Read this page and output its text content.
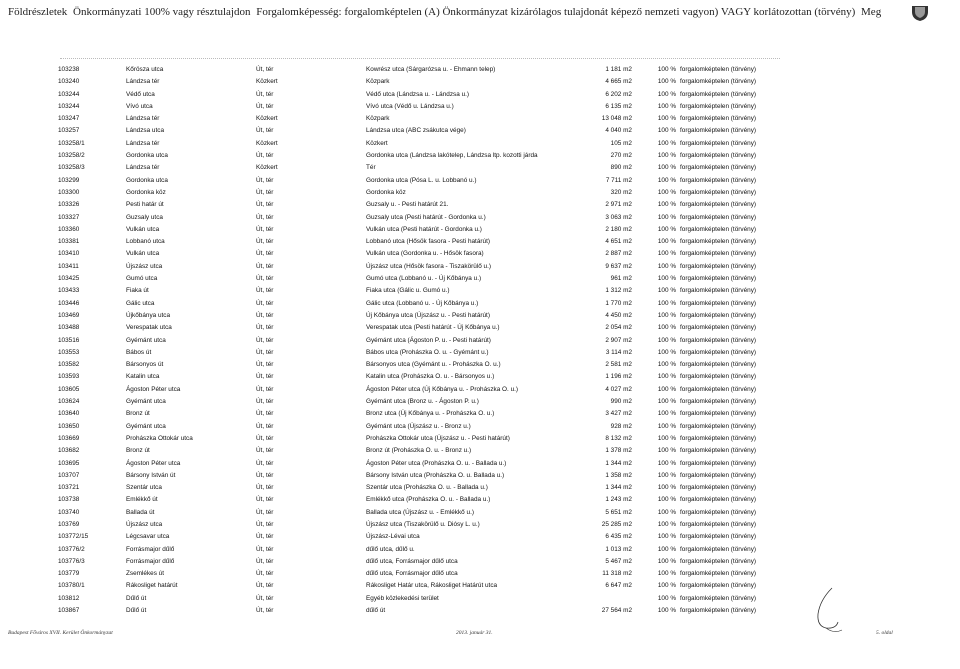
Földrészletek Önkormányzati 100% vagy résztulajdon Forgalomképesség: forgalomképtelen (A) Önkormányzat kizárólagos tulajdonát képező nemzeti vagyon) VAGY korlátozottan (törvény) Meg
103238	Kőrösza utca	Út, tér	Kowrész utca (Sárgarózsa u. - Ehmann telep)	1 181 m2	100 %	forgalomképtelen (törvény)
103240	Lándzsa tér	Közkert	Közpark	4 665 m2	100 %	forgalomképtelen (törvény)
103244	Védő utca	Út, tér	Védő utca (Lándzsa u. - Lándzsa u.)	6 202 m2	100 %	forgalomképtelen (törvény)
103244	Vívó utca	Út, tér	Vívó utca (Védő u. Lándzsa u.)	6 135 m2	100 %	forgalomképtelen (törvény)
103247	Lándzsa tér	Közkert	Közpark	13 048 m2	100 %	forgalomképtelen (törvény)
103257	Lándzsa utca	Út, tér	Lándzsa utca (ABC zsákutca vége)	4 040 m2	100 %	forgalomképtelen (törvény)
103258/1	Lándzsa tér	Közkert	Közkert	105 m2	100 %	forgalomképtelen (törvény)
103258/2	Gordonka utca	Út, tér	Gordonka utca (Lándzsa lakótelep, Lándzsa ltp. kozotti járda	270 m2	100 %	forgalomképtelen (törvény)
103258/3	Lándzsa tér	Közkert	Tér	890 m2	100 %	forgalomképtelen (törvény)
103299	Gordonka utca	Út, tér	Gordonka utca (Pósa L. u. Lobbanó u.)	7 711 m2	100 %	forgalomképtelen (törvény)
103300	Gordonka köz	Út, tér	Gordonka köz	320 m2	100 %	forgalomképtelen (törvény)
103326	Pesti határ út	Út, tér	Guzsaly u. - Pesti határút 21.	2 971 m2	100 %	forgalomképtelen (törvény)
103327	Guzsaly utca	Út, tér	Guzsaly utca (Pesti határút - Gordonka u.)	3 063 m2	100 %	forgalomképtelen (törvény)
103360	Vulkán utca	Út, tér	Vulkán utca (Pesti határút - Gordonka u.)	2 180 m2	100 %	forgalomképtelen (törvény)
103381	Lobbanó utca	Út, tér	Lobbanó utca (Hősök fasora - Pesti határút)	4 651 m2	100 %	forgalomképtelen (törvény)
103410	Vulkán utca	Út, tér	Vulkán utca (Gordonka u. - Hősök fasora)	2 887 m2	100 %	forgalomképtelen (törvény)
103411	Újszász utca	Út, tér	Újszász utca (Hősök fasora - Tiszakörülő u.)	9 637 m2	100 %	forgalomképtelen (törvény)
103425	Gumó utca	Út, tér	Gumó utca (Lobbanó u. - Új Kőbánya u.)	961 m2	100 %	forgalomképtelen (törvény)
103433	Fiaka út	Út, tér	Fiaka utca (Gálic u. Gumó u.)	1 312 m2	100 %	forgalomképtelen (törvény)
103446	Gálic utca	Út, tér	Gálic utca (Lobbanó u. - Új Kőbánya u.)	1 770 m2	100 %	forgalomképtelen (törvény)
103469	Újkőbánya utca	Út, tér	Új Kőbánya utca (Újszász u. - Pesti határút)	4 450 m2	100 %	forgalomképtelen (törvény)
103488	Verespatak utca	Út, tér	Verespatak utca (Pesti határút - Új Kőbánya u.)	2 054 m2	100 %	forgalomképtelen (törvény)
103516	Gyémánt utca	Út, tér	Gyémánt utca (Ágoston P. u. - Pesti határút)	2 907 m2	100 %	forgalomképtelen (törvény)
103553	Bábos út	Út, tér	Bábos utca (Prohászka O. u. - Gyémánt u.)	3 114 m2	100 %	forgalomképtelen (törvény)
103582	Bársonyos út	Út, tér	Bársonyos utca (Gyémánt u. - Prohászka O. u.)	2 581 m2	100 %	forgalomképtelen (törvény)
103593	Katalin utca	Út, tér	Katalin utca (Prohászka O. u. - Bársonyos u.)	1 196 m2	100 %	forgalomképtelen (törvény)
103605	Ágoston Péter utca	Út, tér	Ágoston Péter utca (Új Kőbánya u. - Prohászka O. u.)	4 027 m2	100 %	forgalomképtelen (törvény)
103624	Gyémánt utca	Út, tér	Gyémánt utca (Bronz u. - Ágoston P. u.)	990 m2	100 %	forgalomképtelen (törvény)
103640	Bronz út	Út, tér	Bronz utca (Új Kőbánya u. - Prohászka O. u.)	3 427 m2	100 %	forgalomképtelen (törvény)
103650	Gyémánt utca	Út, tér	Gyémánt utca (Újszász u. - Bronz u.)	928 m2	100 %	forgalomképtelen (törvény)
103669	Prohászka Ottokár utca	Út, tér	Prohászka Ottokár utca (Újszász u. - Pesti határút)	8 132 m2	100 %	forgalomképtelen (törvény)
103682	Bronz út	Út, tér	Bronz út (Prohászka O. u. - Bronz u.)	1 378 m2	100 %	forgalomképtelen (törvény)
103695	Ágoston Péter utca	Út, tér	Ágoston Péter utca (Prohászka O. u. - Ballada u.)	1 344 m2	100 %	forgalomképtelen (törvény)
103707	Bársony István út	Út, tér	Bársony István utca (Prohászka O. u. Ballada u.)	1 358 m2	100 %	forgalomképtelen (törvény)
103721	Szentár utca	Út, tér	Szentár utca (Prohászka O. u. - Ballada u.)	1 344 m2	100 %	forgalomképtelen (törvény)
103738	Emlékkő út	Út, tér	Emlékkő utca (Prohászka O. u. - Ballada u.)	1 243 m2	100 %	forgalomképtelen (törvény)
103740	Ballada út	Út, tér	Ballada utca (Újszász u. - Emlékkő u.)	5 651 m2	100 %	forgalomképtelen (törvény)
103769	Újszász utca	Út, tér	Újszász utca (Tiszakörülő u. Diósy L. u.)	25 285 m2	100 %	forgalomképtelen (törvény)
103772/15	Légcsavar utca	Út, tér	Újszász-Lévai utca	6 435 m2	100 %	forgalomképtelen (törvény)
103776/2	Forrásmajor dűlő	Út, tér	dűlő utca, dűlő u.	1 013 m2	100 %	forgalomképtelen (törvény)
103776/3	Forrásmajor dűlő	Út, tér	dűlő utca, Forrásmajor dűlő utca	5 467 m2	100 %	forgalomképtelen (törvény)
103779	Zsemlékes út	Út, tér	dűlő utca, Forrásmajor dűlő utca	11 318 m2	100 %	forgalomképtelen (törvény)
103780/1	Rákosliget határút	Út, tér	Rákosliget Határ utca, Rákosliget Határút utca	6 647 m2	100 %	forgalomképtelen (törvény)
103812	Dűlő út	Út, tér	Egyéb közlekedési terület		100 %	forgalomképtelen (törvény)
103867	Dűlő út	Út, tér	dűlő út	27 564 m2	100 %	forgalomképtelen (törvény)
Budapest Főváros XVII. Kerület Önkormányzat	2013. január 31.	5. oldal
